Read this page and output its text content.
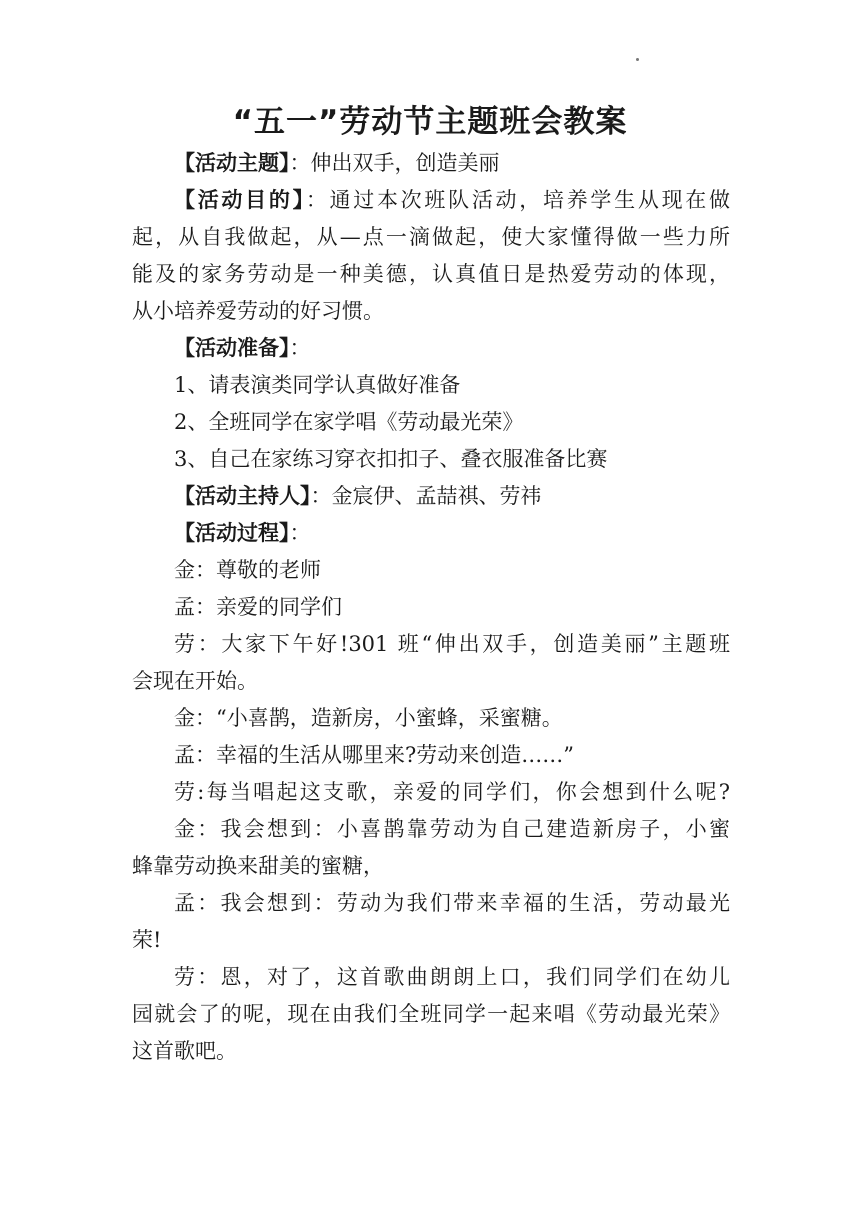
“五一”劳动节主题班会教案
【活动主题】：伸出双手，创造美丽
【活动目的】：通过本次班队活动，培养学生从现在做
起，从自我做起，从—点一滴做起，使大家懂得做一些力所
能及的家务劳动是一种美德，认真值日是热爱劳动的体现，
从小培养爱劳动的好习惯。
【活动准备】：
1、请表演类同学认真做好准备
2、全班同学在家学唱《劳动最光荣》
3、自己在家练习穿衣扣扣子、叠衣服准备比赛
【活动主持人】：金宸伊、孟喆祺、劳祎
【活动过程】：
金：尊敬的老师
孟：亲爱的同学们
劳：大家下午好!301 班“伸出双手，创造美丽”主题班
会现在开始。
金：“小喜鹊，造新房，小蜜蜂，采蜜糖。
孟：幸福的生活从哪里来?劳动来创造……”
劳:每当唱起这支歌，亲爱的同学们，你会想到什么呢?
金：我会想到：小喜鹊靠劳动为自己建造新房子，小蜜
蜂靠劳动换来甜美的蜜糖，
孟：我会想到：劳动为我们带来幸福的生活，劳动最光
荣!
劳：恩，对了，这首歌曲朗朗上口，我们同学们在幼儿
园就会了的呢，现在由我们全班同学一起来唱《劳动最光荣》
这首歌吧。
